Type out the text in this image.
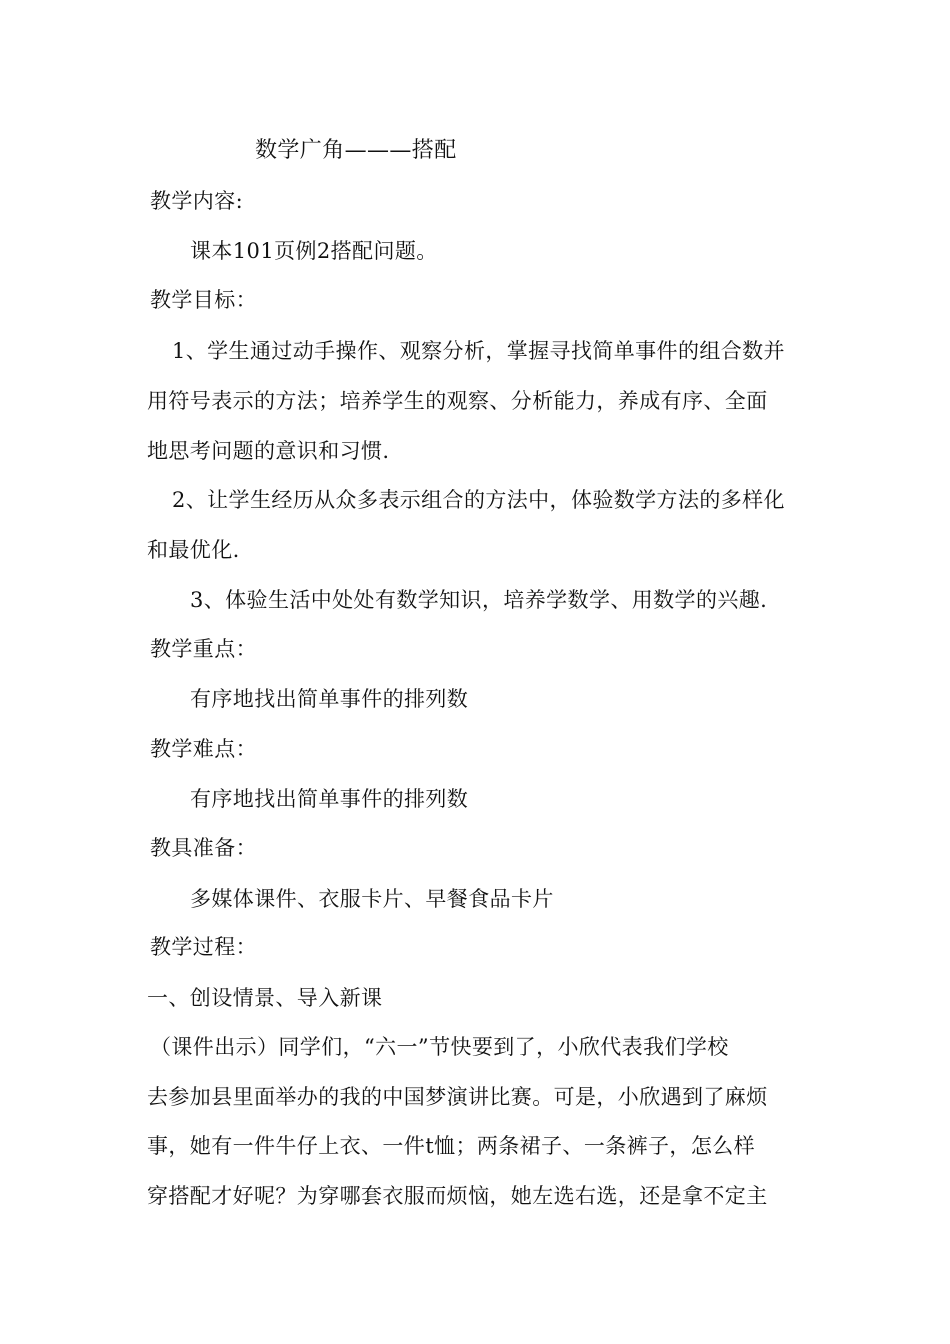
数学广角———搭配
教学内容:
课本101页例2搭配问题。
教学目标：
1、学生通过动手操作、观察分析，掌握寻找简单事件的组合数并
用符号表示的方法；培养学生的观察、分析能力，养成有序、全面
地思考问题的意识和习惯.
2、让学生经历从众多表示组合的方法中，体验数学方法的多样化
和最优化.
3、体验生活中处处有数学知识，培养学数学、用数学的兴趣.
教学重点：
有序地找出简单事件的排列数
教学难点：
有序地找出简单事件的排列数
教具准备：
多媒体课件、衣服卡片、早餐食品卡片
教学过程：
一、创设情景、导入新课
（课件出示）同学们，“六一”节快要到了，小欣代表我们学校
去参加县里面举办的我的中国梦演讲比赛。可是，小欣遇到了麻烦
事，她有一件牛仔上衣、一件t恤；两条裙子、一条裤子，怎么样
穿搭配才好呢？为穿哪套衣服而烦恼，她左选右选，还是拿不定主
